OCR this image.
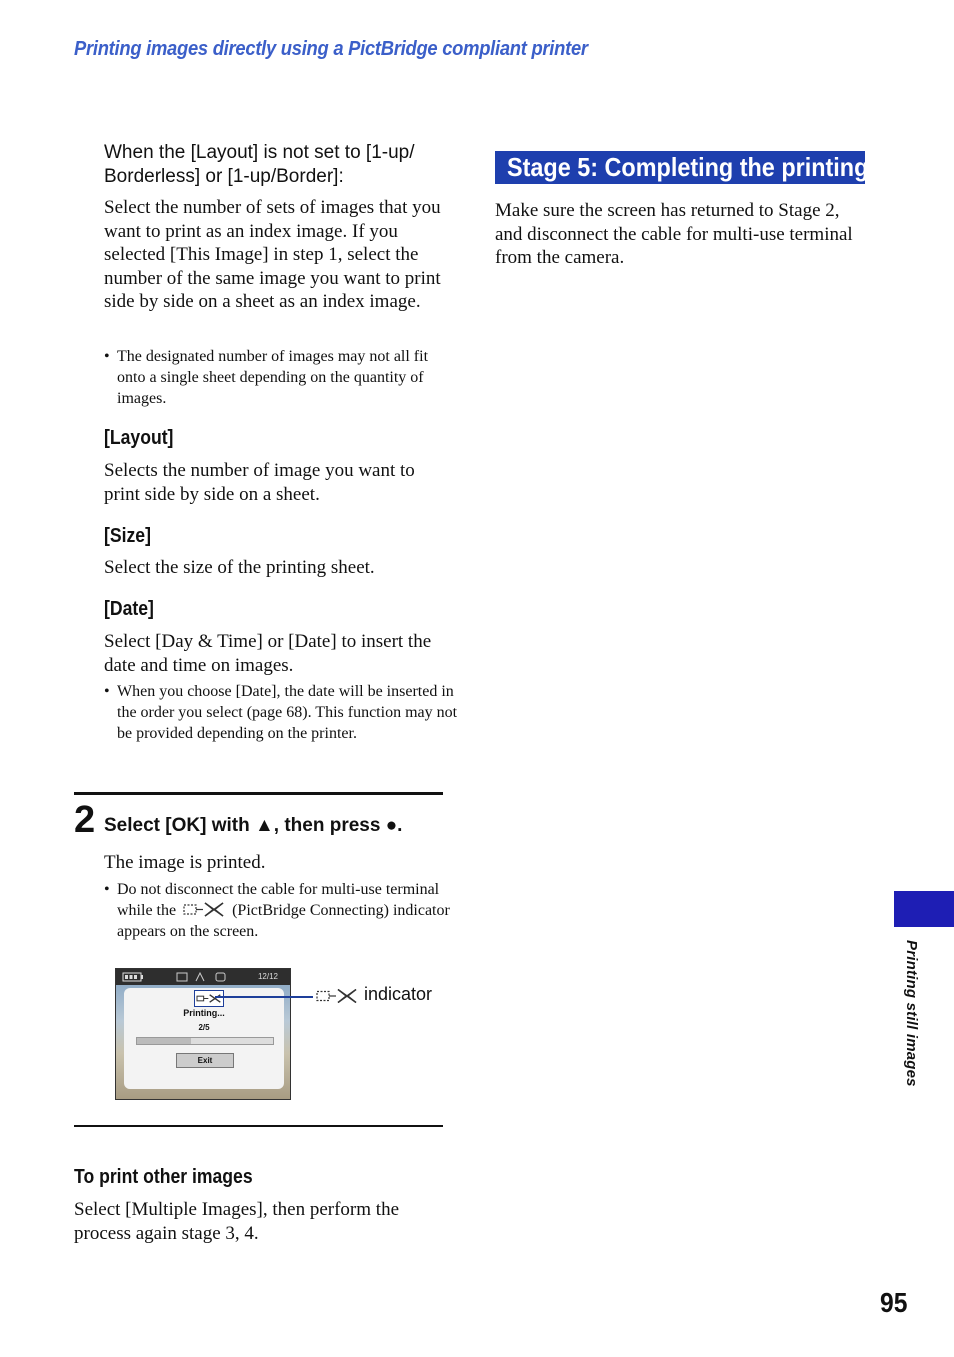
Printing images directly using a PictBridge compliant printer
When the [Layout] is not set to [1-up/ Borderless] or [1-up/Border]:
Select the number of sets of images that you want to print as an index image. If you selected [This Image] in step 1, select the number of the same image you want to print side by side on a sheet as an index image.
• The designated number of images may not all fit onto a single sheet depending on the quantity of images.
[Layout]
Selects the number of image you want to print side by side on a sheet.
[Size]
Select the size of the printing sheet.
[Date]
Select [Day & Time] or [Date] to insert the date and time on images.
• When you choose [Date], the date will be inserted in the order you select (page 68). This function may not be provided depending on the printer.
2 Select [OK] with ▲, then press ●.
The image is printed.
• Do not disconnect the cable for multi-use terminal while the	(PictBridge Connecting) indicator appears on the screen.
12/12
Printing...
2/5
Exit
indicator
To print other images
Select [Multiple Images], then perform the process again stage 3, 4.
Stage 5: Completing the printing
Make sure the screen has returned to Stage 2, and disconnect the cable for multi-use terminal from the camera.
Printing still images
95
